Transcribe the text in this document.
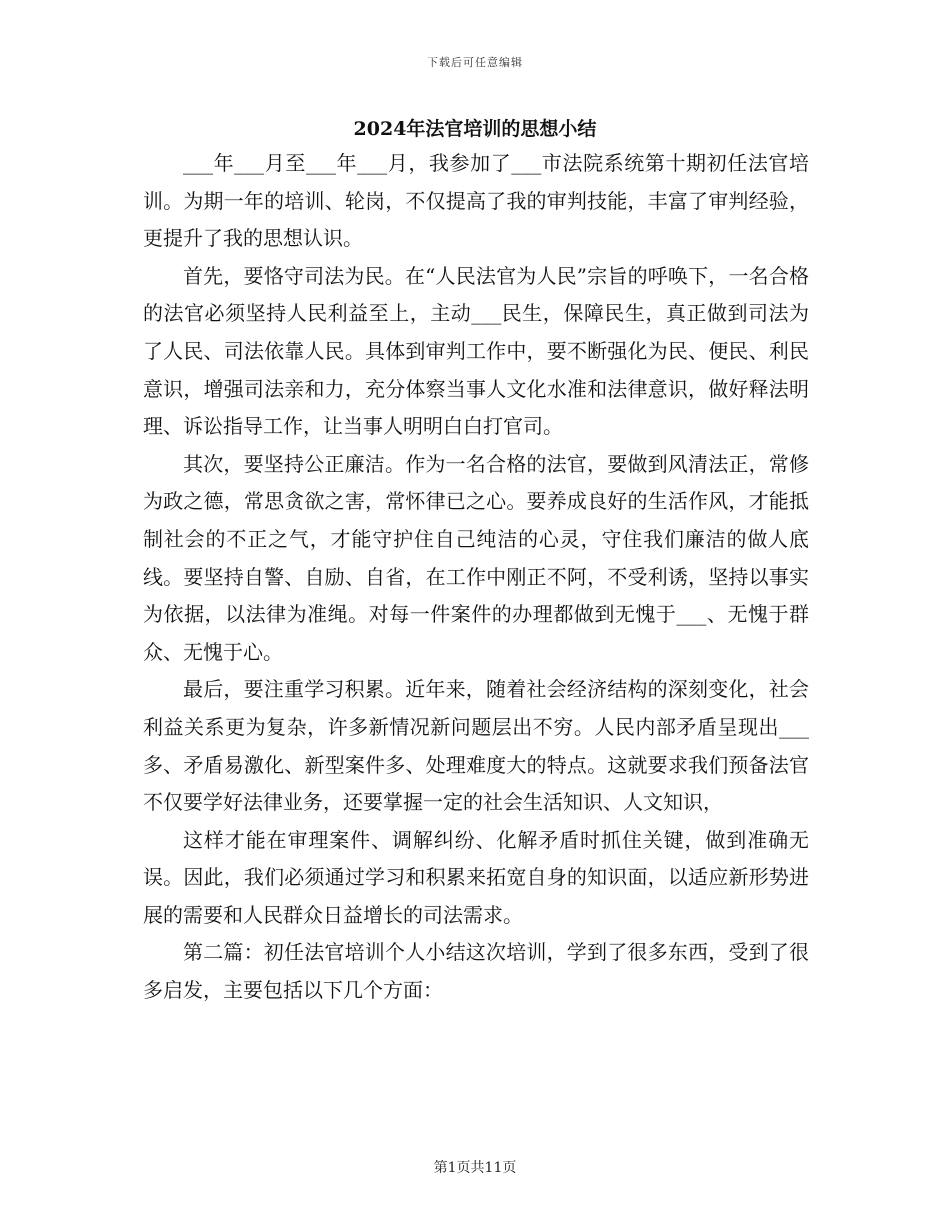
下载后可任意编辑
2024年法官培训的思想小结

___年___月至___年___月，我参加了___市法院系统第十期初任法官培训。为期一年的培训、轮岗，不仅提高了我的审判技能，丰富了审判经验，更提升了我的思想认识。

首先，要恪守司法为民。在“人民法官为人民”宗旨的呼唤下，一名合格的法官必须坚持人民利益至上，主动___民生，保障民生，真正做到司法为了人民、司法依靠人民。具体到审判工作中，要不断强化为民、便民、利民意识，增强司法亲和力，充分体察当事人文化水准和法律意识，做好释法明理、诉讼指导工作，让当事人明明白白打官司。

其次，要坚持公正廉洁。作为一名合格的法官，要做到风清法正，常修为政之德，常思贪欲之害，常怀律已之心。要养成良好的生活作风，才能抵制社会的不正之气，才能守护住自己纯洁的心灵，守住我们廉洁的做人底线。要坚持自警、自励、自省，在工作中刚正不阿，不受利诱，坚持以事实为依据，以法律为准绳。对每一件案件的办理都做到无愧于___、无愧于群众、无愧于心。

最后，要注重学习积累。近年来，随着社会经济结构的深刻变化，社会利益关系更为复杂，许多新情况新问题层出不穷。人民内部矛盾呈现出___多、矛盾易激化、新型案件多、处理难度大的特点。这就要求我们预备法官不仅要学好法律业务，还要掌握一定的社会生活知识、人文知识，

这样才能在审理案件、调解纠纷、化解矛盾时抓住关键，做到准确无误。因此，我们必须通过学习和积累来拓宽自身的知识面，以适应新形势进展的需要和人民群众日益增长的司法需求。

第二篇：初任法官培训个人小结这次培训，学到了很多东西，受到了很多启发，主要包括以下几个方面：

第1页共11页
